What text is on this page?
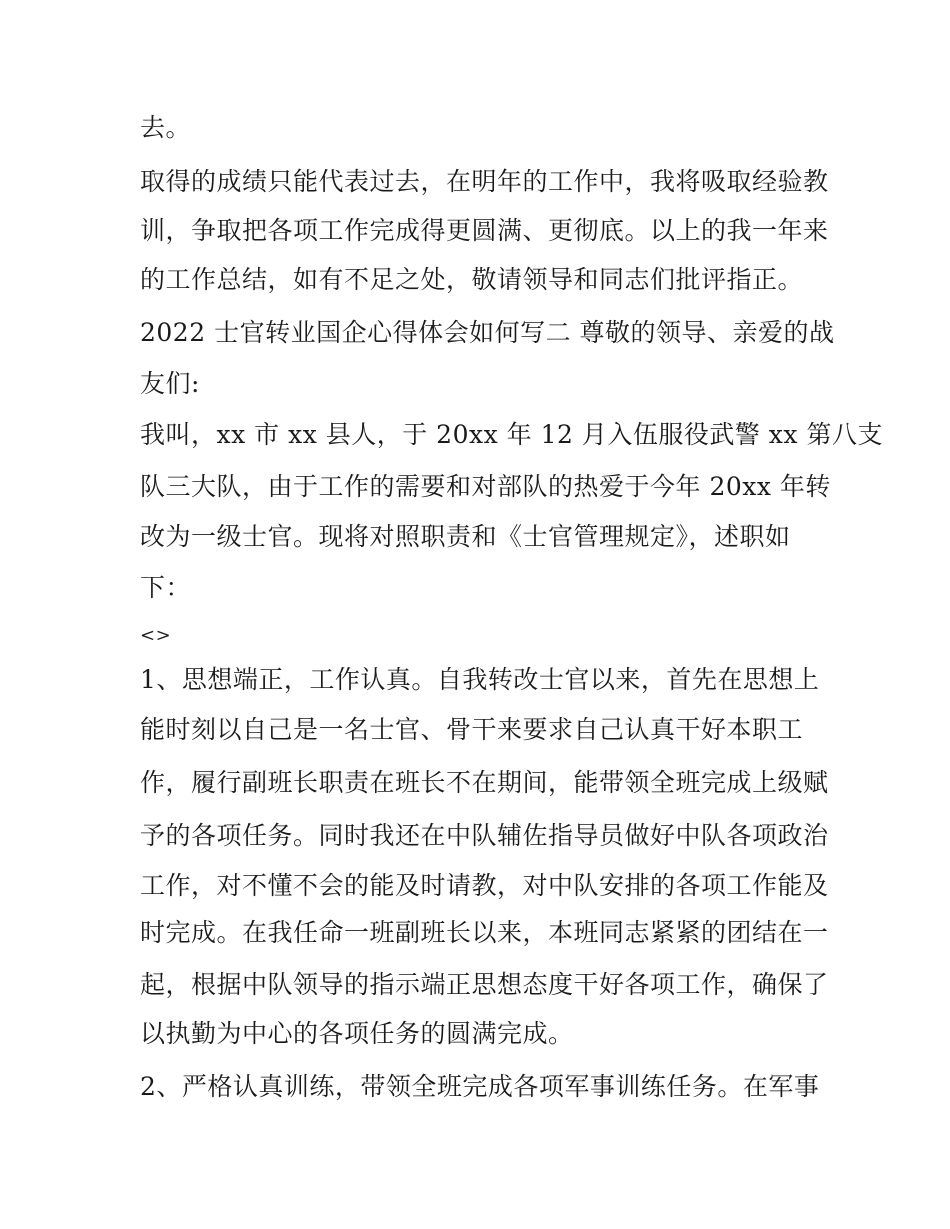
去。
取得的成绩只能代表过去，在明年的工作中，我将吸取经验教
训，争取把各项工作完成得更圆满、更彻底。以上的我一年来
的工作总结，如有不足之处，敬请领导和同志们批评指正。
2022 士官转业国企心得体会如何写二 尊敬的领导、亲爱的战
友们:
我叫，xx 市 xx 县人，于 20xx 年 12 月入伍服役武警 xx 第八支
队三大队，由于工作的需要和对部队的热爱于今年 20xx 年转
改为一级士官。现将对照职责和《士官管理规定》，述职如
下：
<>
1、思想端正，工作认真。自我转改士官以来，首先在思想上
能时刻以自己是一名士官、骨干来要求自己认真干好本职工
作，履行副班长职责在班长不在期间，能带领全班完成上级赋
予的各项任务。同时我还在中队辅佐指导员做好中队各项政治
工作，对不懂不会的能及时请教，对中队安排的各项工作能及
时完成。在我任命一班副班长以来，本班同志紧紧的团结在一
起，根据中队领导的指示端正思想态度干好各项工作，确保了
以执勤为中心的各项任务的圆满完成。
2、严格认真训练，带领全班完成各项军事训练任务。在军事
